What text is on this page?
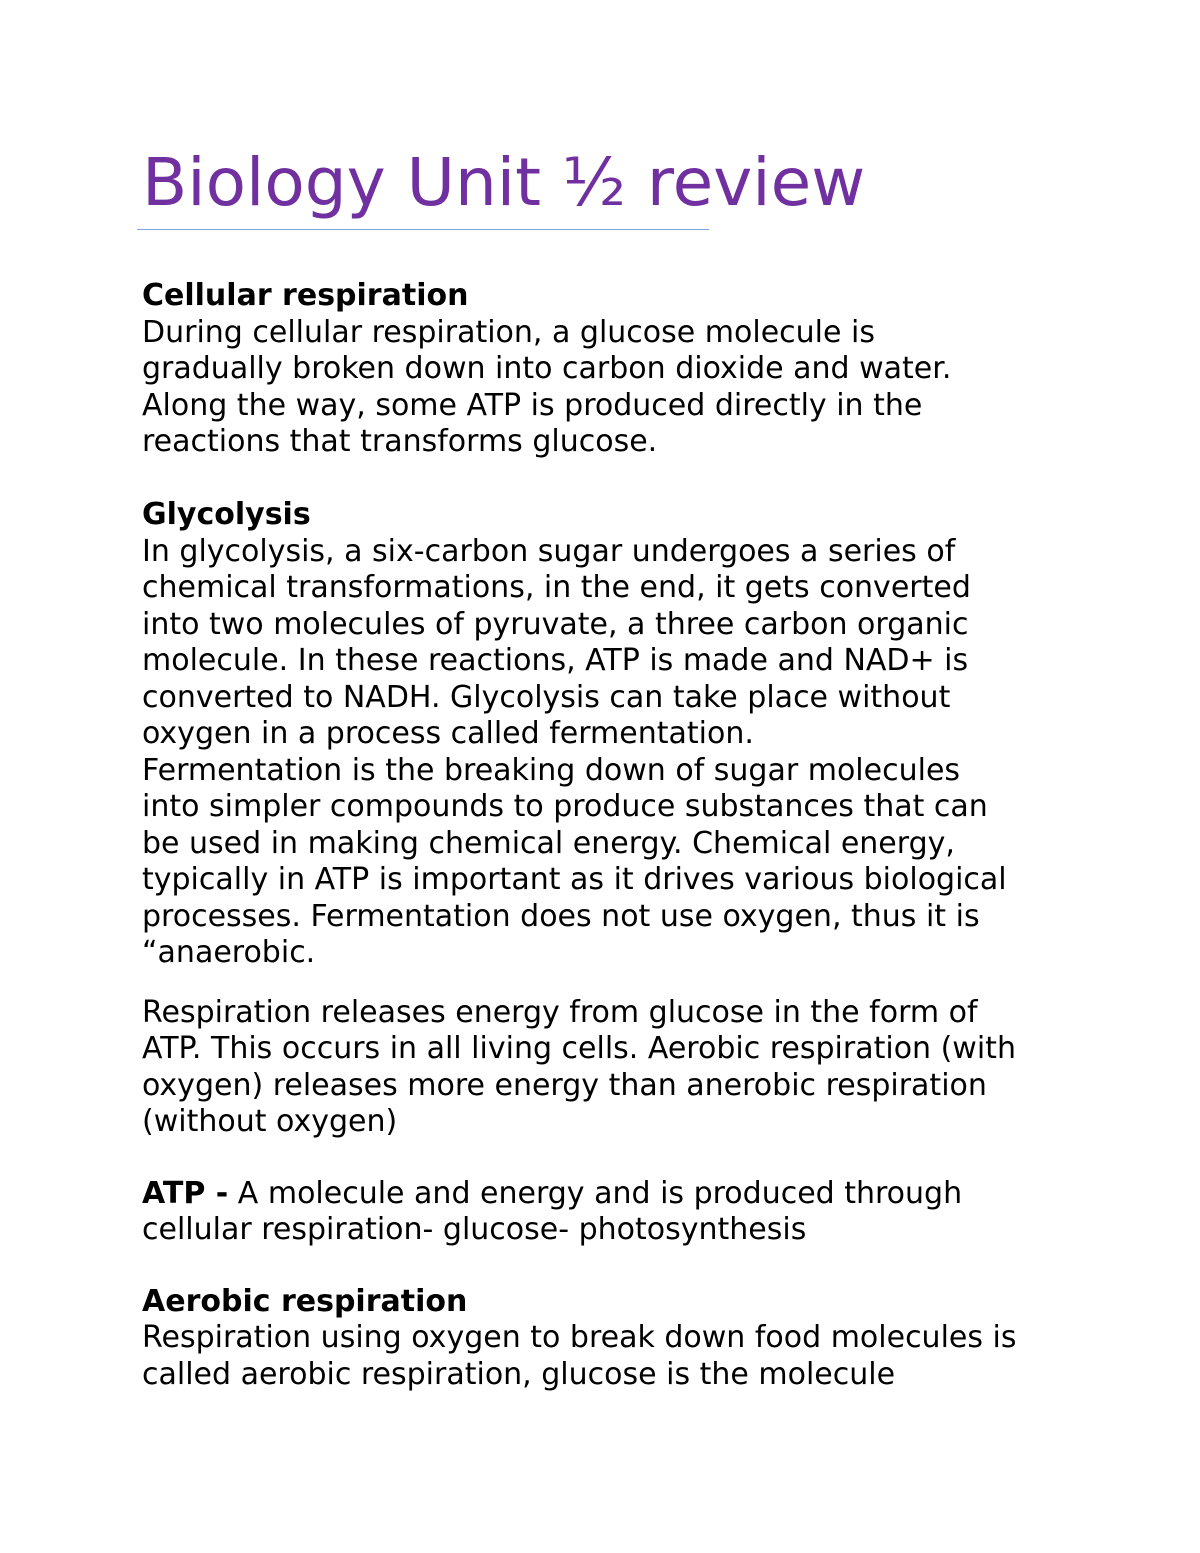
Biology Unit ½ review

Cellular respiration

During cellular respiration, a glucose molecule is

gradually broken down into carbon dioxide and water.

Along the way, some ATP is produced directly in the

reactions that transforms glucose.

Glycolysis

In glycolysis, a six-carbon sugar undergoes a series of

chemical transformations, in the end, it gets converted

into two molecules of pyruvate, a three carbon organic

molecule. In these reactions, ATP is made and NAD+ is

converted to NADH. Glycolysis can take place without

oxygen in a process called fermentation.

Fermentation is the breaking down of sugar molecules

into simpler compounds to produce substances that can

be used in making chemical energy. Chemical energy,

typically in ATP is important as it drives various biological

processes. Fermentation does not use oxygen, thus it is

“anaerobic.

Respiration releases energy from glucose in the form of

ATP. This occurs in all living cells. Aerobic respiration (with

oxygen) releases more energy than anerobic respiration

(without oxygen)

ATP - A molecule and energy and is produced through

cellular respiration- glucose- photosynthesis

Aerobic respiration

Respiration using oxygen to break down food molecules is

called aerobic respiration, glucose is the molecule
